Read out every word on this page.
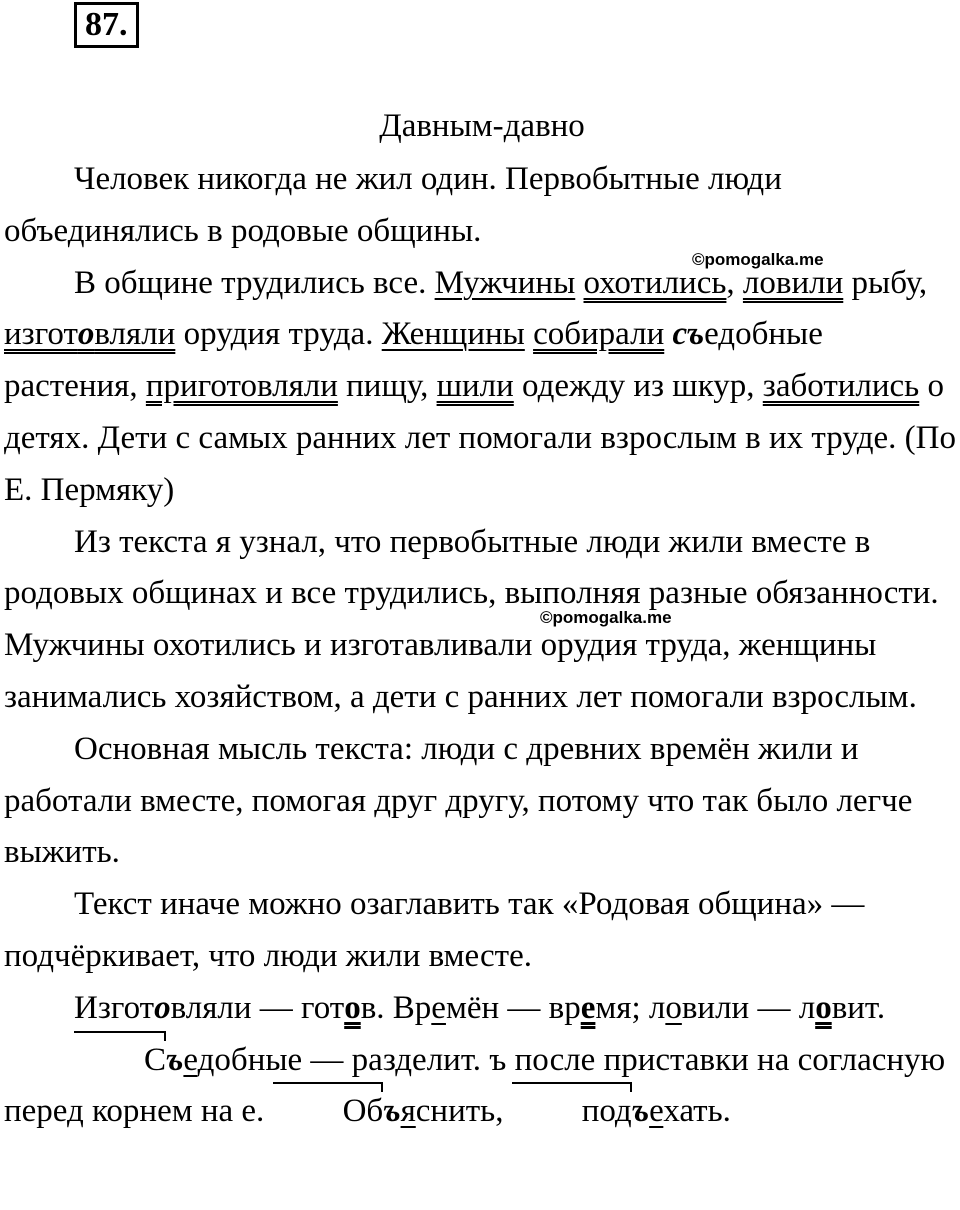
87.
©pomogalka.me
©pomogalka.me
Давным-давно

Человек никогда не жил один. Первобытные люди объединялись в родовые общины.

В общине трудились все. Мужчины охотились, ловили рыбу, изготовляли орудия труда. Женщины собирали съедобные растения, приготовляли пищу, шили одежду из шкур, заботились о детях. Дети с самых ранних лет помогали взрослым в их труде. (По Е. Пермяку)

Из текста я узнал, что первобытные люди жили вместе в родовых общинах и все трудились, выполняя разные обязанности. Мужчины охотились и изготавливали орудия труда, женщины занимались хозяйством, а дети с ранних лет помогали взрослым.

Основная мысль текста: люди с древних времён жили и работали вместе, помогая друг другу, потому что так было легче выжить.

Текст иначе можно озаглавить так «Родовая община» —подчёркивает, что люди жили вместе.

Изготовляли — готов. Времён — время; ловили — ловит.

Съедобные — разделит. ъ после приставки на согласную перед корнем на е. Объяснить, подъехать.
